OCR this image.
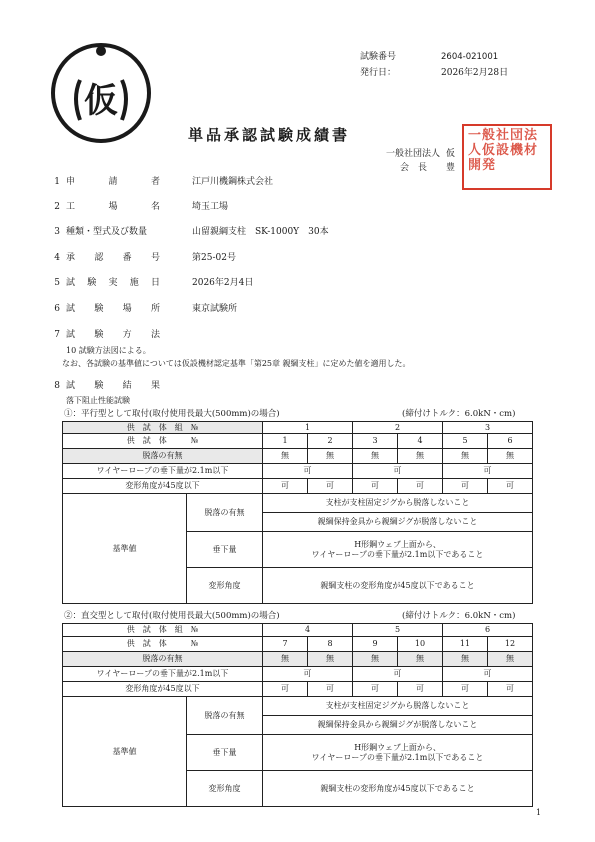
試験番号	2604-021001
発行日：	2026年2月28日
仮
単品承認試験成績書
一般社団法人 仮
会　長 豊
一般社団法人仮設機材開発
1 申	請	者	江戸川機鋼株式会社
2 工	場	名	埼玉工場
3 種類・型式及び数量	山留親綱支柱　SK-1000Y　30本
4 承 認 番 号	第25-02号
5 試 験 実 施 日	2026年2月4日
6 試 験 場 所	東京試験所
7 試 験 方 法
8 試 験 結 果
10 試験方法図による。
なお、各試験の基準値については仮設機材認定基準「第25章 親綱支柱」に定めた値を適用した。
落下阻止性能試験
①：平行型として取付(取付使用長最大(500mm)の場合)	(締付けトルク：6.0kN・cm)
供　試　体　組　№		1		2		3	
供　試　体　　　№		1	2	3	4	5	6
脱落の有無		無	無	無	無	無	無
ワイヤーロープの垂下量が2.1m以下		可		可		可	
変形角度が45度以下		可	可	可	可	可	可
基準値	脱落の有無	支柱が支柱固定ジグから脱落しないこと					
		親綱保持金具から親綱ジグが脱落しないこと					
	垂下量	H形鋼ウェブ上面から、
ワイヤーロープの垂下量が2.1m以下であること					

	変形角度	親綱支柱の変形角度が45度以下であること					
②：直交型として取付(取付使用長最大(500mm)の場合)	(締付けトルク：6.0kN・cm)
供　試　体　組　№		4		5		6	
供　試　体　　　№		7	8	9	10	11	12
脱落の有無		無	無	無	無	無	無
ワイヤーロープの垂下量が2.1m以下		可		可		可	
変形角度が45度以下		可	可	可	可	可	可
基準値	脱落の有無	支柱が支柱固定ジグから脱落しないこと					
		親綱保持金具から親綱ジグが脱落しないこと					
	垂下量	H形鋼ウェブ上面から、
ワイヤーロープの垂下量が2.1m以下であること					

	変形角度	親綱支柱の変形角度が45度以下であること					
1
